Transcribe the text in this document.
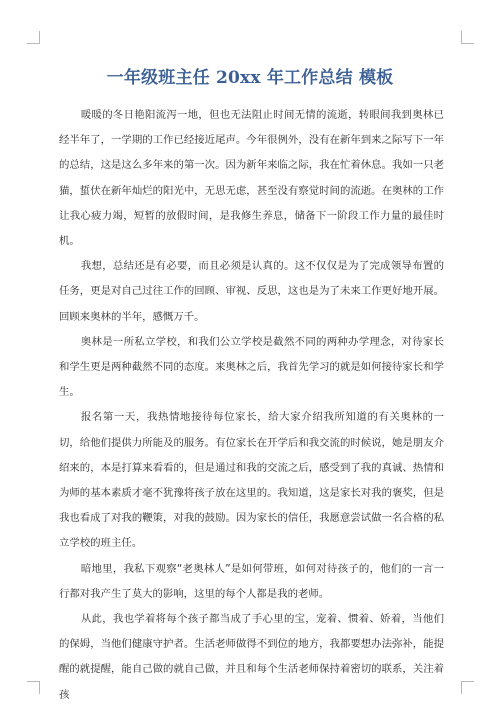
一年级班主任 20xx 年工作总结 模板

暖暖的冬日艳阳流泻一地，但也无法阻止时间无情的流逝，转眼间我到奥林已经半年了，一学期的工作已经接近尾声。今年很例外，没有在新年到来之际写下一年的总结，这是这么多年来的第一次。因为新年来临之际，我在忙着休息。我如一只老猫，蜇伏在新年灿烂的阳光中，无思无虑，甚至没有察觉时间的流逝。在奥林的工作让我心疲力竭，短暂的放假时间，是我修生养息，储备下一阶段工作力量的最佳时机。

我想，总结还是有必要，而且必须是认真的。这不仅仅是为了完成领导布置的任务，更是对自己过往工作的回顾、审视、反思，这也是为了未来工作更好地开展。回顾来奥林的半年，感慨万千。

奥林是一所私立学校，和我们公立学校是截然不同的两种办学理念，对待家长和学生更是两种截然不同的态度。来奥林之后，我首先学习的就是如何接待家长和学生。

报名第一天，我热情地接待每位家长，给大家介绍我所知道的有关奥林的一切，给他们提供力所能及的服务。有位家长在开学后和我交流的时候说，她是朋友介绍来的，本是打算来看看的，但是通过和我的交流之后，感受到了我的真诚、热情和为师的基本素质才毫不犹豫将孩子放在这里的。我知道，这是家长对我的褒奖，但是我也看成了对我的鞭策，对我的鼓励。因为家长的信任，我愿意尝试做一名合格的私立学校的班主任。

暗地里，我私下观察“老奥林人”是如何带班，如何对待孩子的，他们的一言一行都对我产生了莫大的影响，这里的每个人都是我的老师。

从此，我也学着将每个孩子都当成了手心里的宝，宠着、惯着、娇着，当他们的保姆，当他们健康守护者。生活老师做得不到位的地方，我都要想办法弥补，能提醒的就提醒，能自己做的就自己做，并且和每个生活老师保持着密切的联系，关注着孩
